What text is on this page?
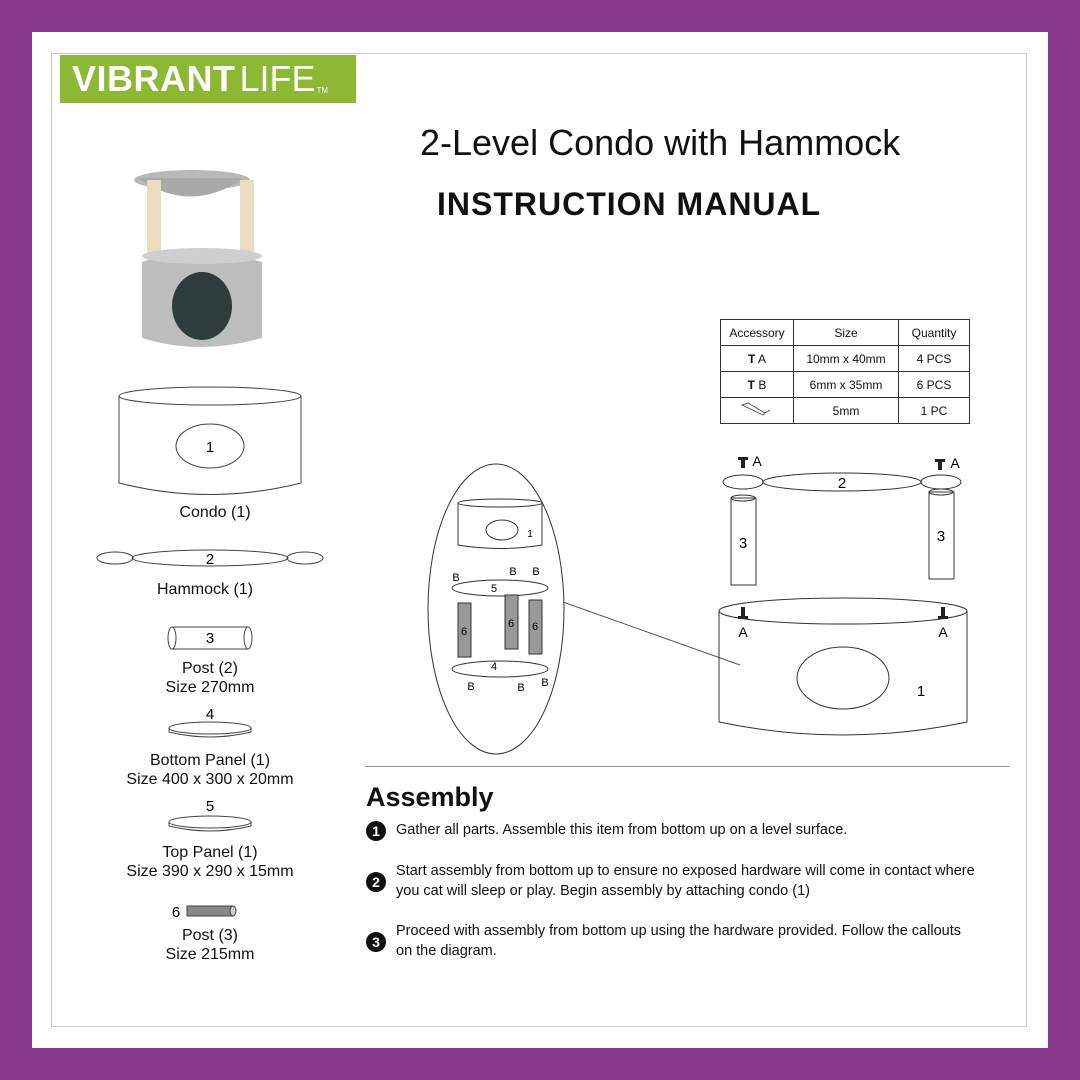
VIBRANT LIFE TM
2-Level Condo with Hammock
INSTRUCTION MANUAL
1
2
3
4
5
6
1
5
6
6 6
4
B	B B
B	B B
2
3	3
1
A	A
A	A
Condo (1)
Hammock (1)
Post (2)
Size 270mm
Bottom Panel (1)
Size 400 x 300 x 20mm
Top Panel (1)
Size 390 x 290 x 15mm
Post (3)
Size 215mm
Accessory	Size	Quantity
T A	10mm x 40mm	4 PCS
T B	6mm x 35mm	6 PCS
	5mm	1 PC
Assembly
1	Gather all parts. Assemble this item from bottom up on a level surface.
2
Start assembly from bottom up to ensure no exposed hardware will come in contact where you cat will sleep or play. Begin assembly by attaching condo (1)
3
Proceed with assembly from bottom up using the hardware provided. Follow the callouts on the diagram.
